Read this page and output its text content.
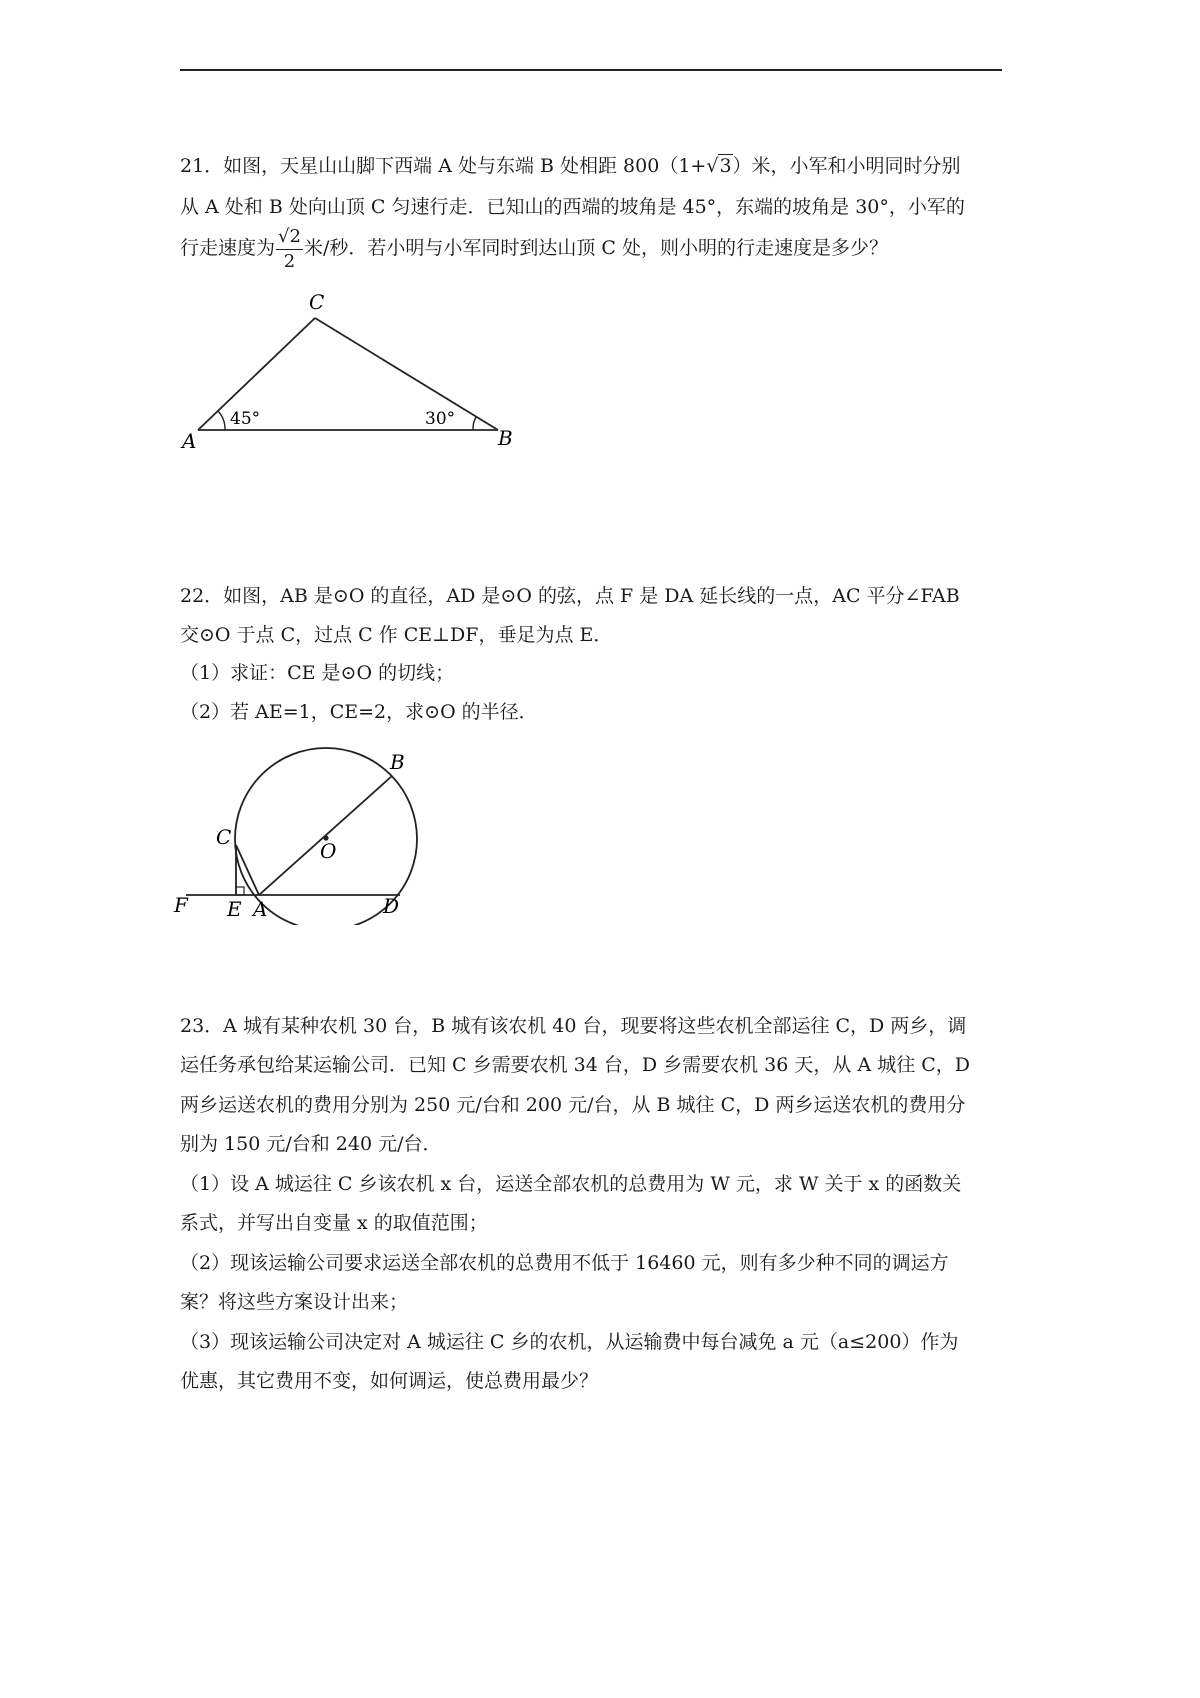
21．如图，天星山山脚下西端 A 处与东端 B 处相距 800（1+√3）米，小军和小明同时分别

从 A 处和 B 处向山顶 C 匀速行走．已知山的西端的坡角是 45°，东端的坡角是 30°，小军的

行走速度为 $\frac{√2}{2}$ 米/秒．若小明与小军同时到达山顶 C 处，则小明的行走速度是多少？

C
A	B
45°	30°

22．如图，AB 是⊙O 的直径，AD 是⊙O 的弦，点 F 是 DA 延长线的一点，AC 平分∠FAB

交⊙O 于点 C，过点 C 作 CE⊥DF，垂足为点 E．

（1）求证：CE 是⊙O 的切线；

（2）若 AE=1，CE=2，求⊙O 的半径．

B
C
O
F E A	D

23．A 城有某种农机 30 台，B 城有该农机 40 台，现要将这些农机全部运往 C，D 两乡，调

运任务承包给某运输公司．已知 C 乡需要农机 34 台，D 乡需要农机 36 天，从 A 城往 C，D

两乡运送农机的费用分别为 250 元/台和 200 元/台，从 B 城往 C，D 两乡运送农机的费用分

别为 150 元/台和 240 元/台．

（1）设 A 城运往 C 乡该农机 x 台，运送全部农机的总费用为 W 元，求 W 关于 x 的函数关

系式，并写出自变量 x 的取值范围；

（2）现该运输公司要求运送全部农机的总费用不低于 16460 元，则有多少种不同的调运方

案？将这些方案设计出来；

（3）现该运输公司决定对 A 城运往 C 乡的农机，从运输费中每台减免 a 元（a≤200）作为

优惠，其它费用不变，如何调运，使总费用最少？
